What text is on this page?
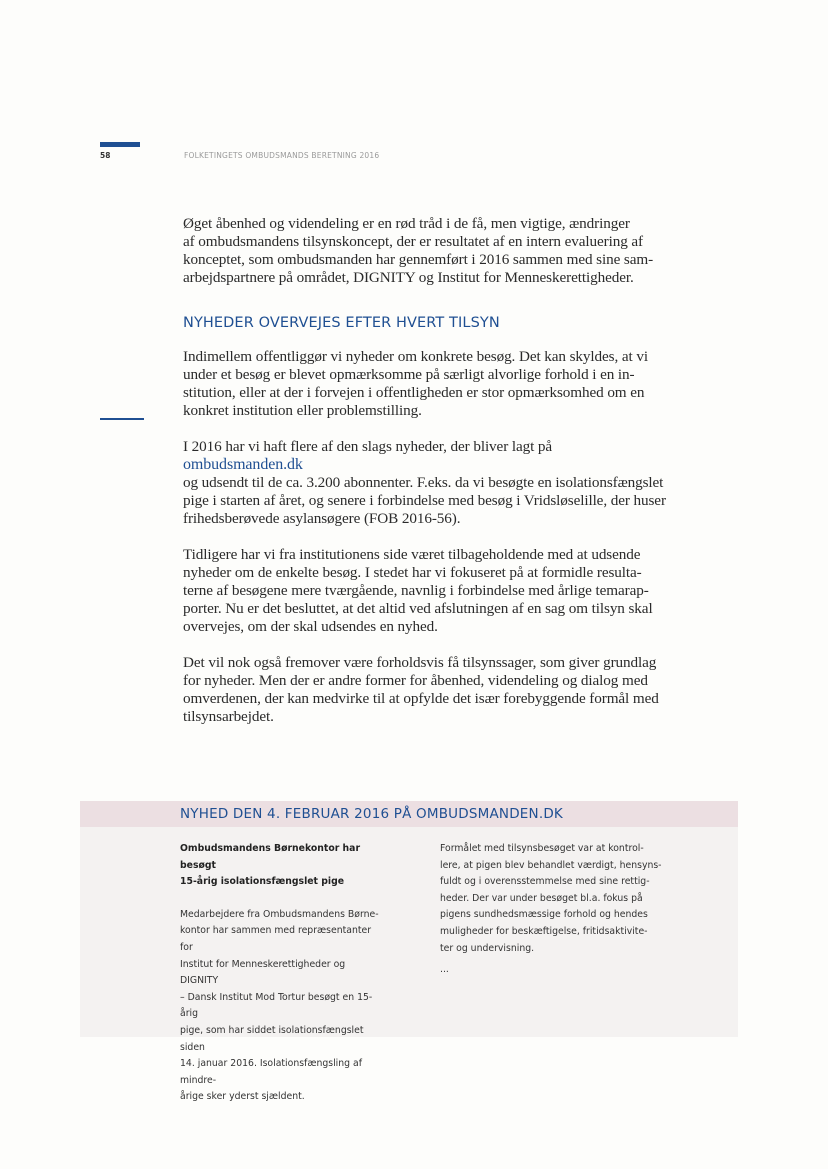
58	FOLKETINGETS OMBUDSMANDS BERETNING 2016
Øget åbenhed og videndeling er en rød tråd i de få, men vigtige, ændringer
af ombudsmandens tilsynskoncept, der er resultatet af en intern evaluering af
konceptet, som ombudsmanden har gennemført i 2016 sammen med sine sam-
arbejdspartnere på området, DIGNITY og Institut for Menneskerettigheder.
NYHEDER OVERVEJES EFTER HVERT TILSYN
Indimellem offentliggør vi nyheder om konkrete besøg. Det kan skyldes, at vi
under et besøg er blevet opmærksomme på særligt alvorlige forhold i en in-
stitution, eller at der i forvejen i offentligheden er stor opmærksomhed om en
konkret institution eller problemstilling.
I 2016 har vi haft flere af den slags nyheder, der bliver lagt på ombudsmanden.dk
og udsendt til de ca. 3.200 abonnenter. F.eks. da vi besøgte en isolationsfængslet
pige i starten af året, og senere i forbindelse med besøg i Vridsløselille, der huser
frihedsberøvede asylansøgere (FOB 2016-56).
Tidligere har vi fra institutionens side været tilbageholdende med at udsende
nyheder om de enkelte besøg. I stedet har vi fokuseret på at formidle resulta-
terne af besøgene mere tværgående, navnlig i forbindelse med årlige temarap-
porter. Nu er det besluttet, at det altid ved afslutningen af en sag om tilsyn skal
overvejes, om der skal udsendes en nyhed.
Det vil nok også fremover være forholdsvis få tilsynssager, som giver grundlag
for nyheder. Men der er andre former for åbenhed, videndeling og dialog med
omverdenen, der kan medvirke til at opfylde det især forebyggende formål med
tilsynsarbejdet.
NYHED DEN 4. FEBRUAR 2016 PÅ OMBUDSMANDEN.DK

Ombudsmandens Børnekontor har besøgt

15-årig isolationsfængslet pige

Medarbejdere fra Ombudsmandens Børne-

kontor har sammen med repræsentanter for

Institut for Menneskerettigheder og DIGNITY

– Dansk Institut Mod Tortur besøgt en 15-årig

pige, som har siddet isolationsfængslet siden

14. januar 2016. Isolationsfængsling af mindre-

årige sker yderst sjældent.

Formålet med tilsynsbesøget var at kontrol-

lere, at pigen blev behandlet værdigt, hensyns-

fuldt og i overensstemmelse med sine rettig-

heder. Der var under besøget bl.a. fokus på

pigens sundhedsmæssige forhold og hendes

muligheder for beskæftigelse, fritidsaktivite-

ter og undervisning.

...
